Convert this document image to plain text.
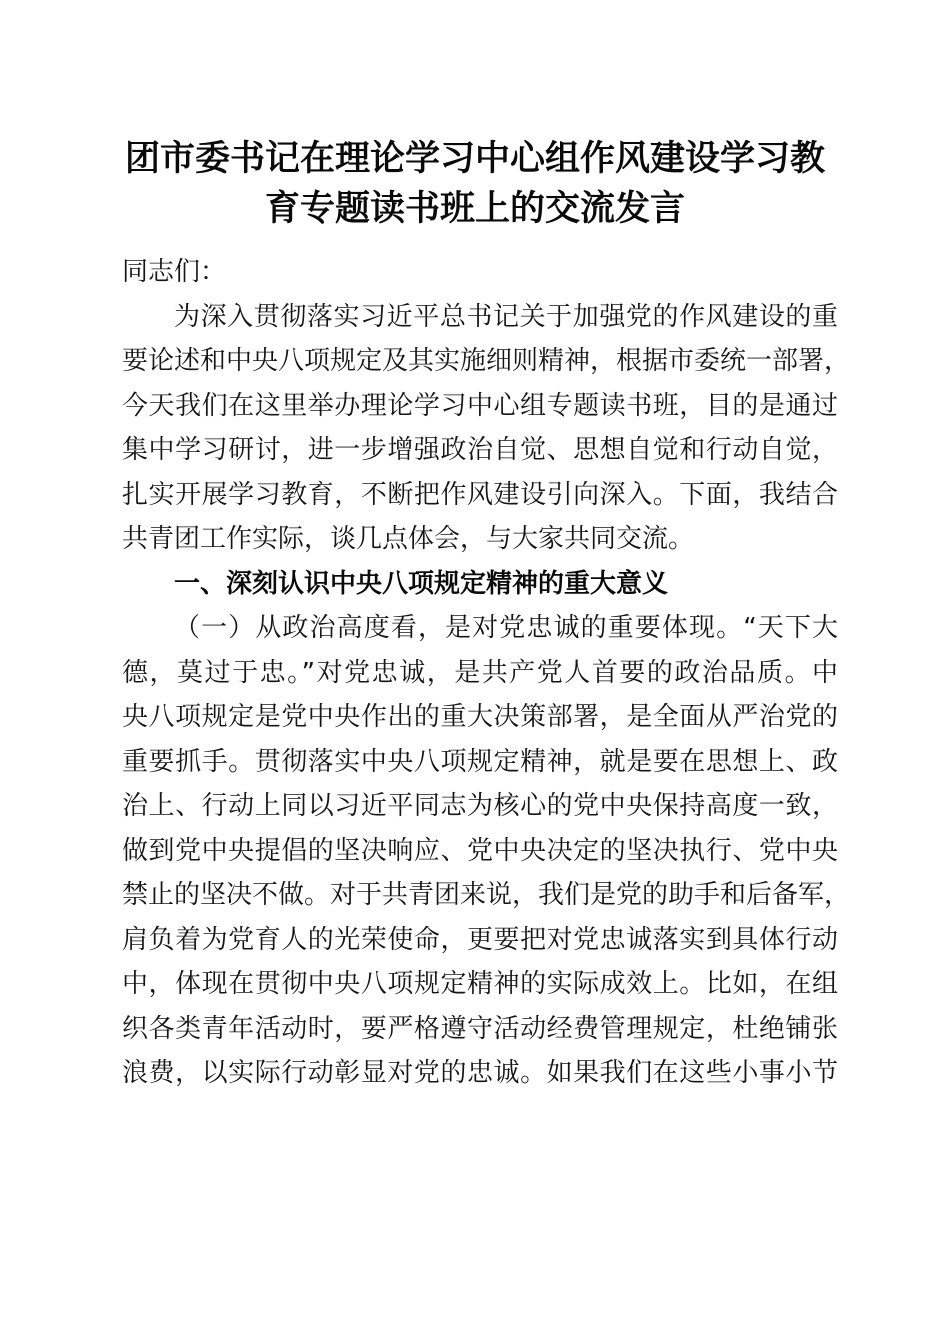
团市委书记在理论学习中心组作风建设学习教
育专题读书班上的交流发言
同志们：
为深入贯彻落实习近平总书记关于加强党的作风建设的重
要论述和中央八项规定及其实施细则精神，根据市委统一部署，
今天我们在这里举办理论学习中心组专题读书班，目的是通过
集中学习研讨，进一步增强政治自觉、思想自觉和行动自觉，
扎实开展学习教育，不断把作风建设引向深入。下面，我结合
共青团工作实际，谈几点体会，与大家共同交流。
一、深刻认识中央八项规定精神的重大意义
（一）从政治高度看，是对党忠诚的重要体现。“天下大
德，莫过于忠。”对党忠诚，是共产党人首要的政治品质。中
央八项规定是党中央作出的重大决策部署，是全面从严治党的
重要抓手。贯彻落实中央八项规定精神，就是要在思想上、政
治上、行动上同以习近平同志为核心的党中央保持高度一致，
做到党中央提倡的坚决响应、党中央决定的坚决执行、党中央
禁止的坚决不做。对于共青团来说，我们是党的助手和后备军，
肩负着为党育人的光荣使命，更要把对党忠诚落实到具体行动
中，体现在贯彻中央八项规定精神的实际成效上。比如，在组
织各类青年活动时，要严格遵守活动经费管理规定，杜绝铺张
浪费，以实际行动彰显对党的忠诚。如果我们在这些小事小节
